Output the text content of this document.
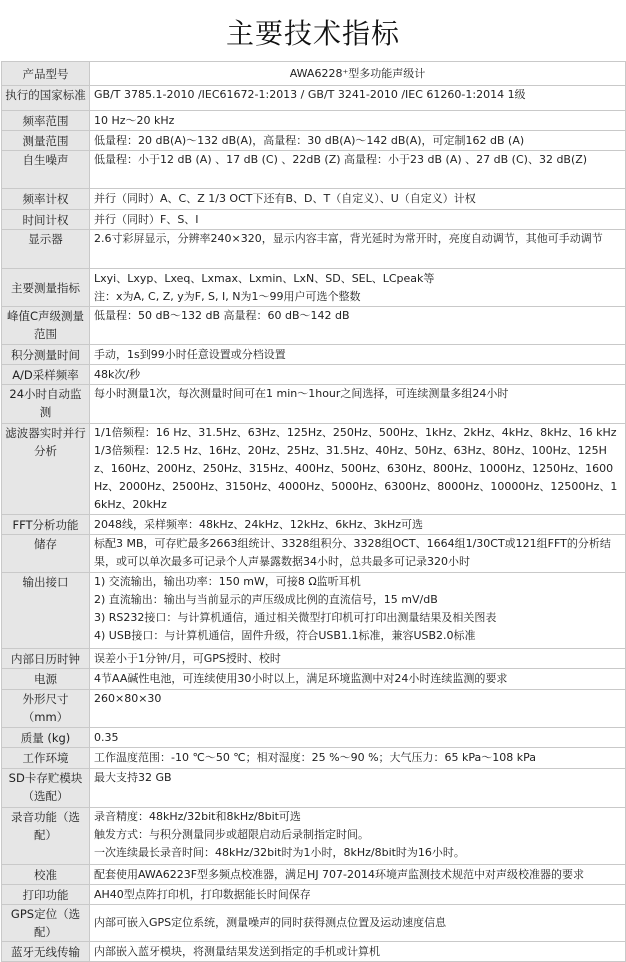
主要技术指标
产品型号	AWA6228⁺型多功能声级计

执行的国家标准	GB/T 3785.1-2010 /IEC61672-1:2013 / GB/T 3241-2010 /IEC 61260-1:2014 1级

频率范围	10 Hz～20 kHz

测量范围	低量程：20 dB(A)～132 dB(A)，高量程：30 dB(A)～142 dB(A)，可定制162 dB (A)

自生噪声	低量程：小于12 dB (A) 、17 dB (C) 、22dB (Z) 高量程：小于23 dB (A) 、27 dB (C)、32 dB(Z)

频率计权	并行（同时）A、C、Z 1/3 OCT下还有B、D、T（自定义）、U（自定义）计权

时间计权	并行（同时）F、S、I

显示器	2.6寸彩屏显示，分辨率240×320，显示内容丰富，背光延时为常开时，亮度自动调节，其他可手动调节

主要测量指标	Lxyi、Lxyp、Lxeq、Lxmax、Lxmin、LxN、SD、SEL、LCpeak等
注：x为A, C, Z, y为F, S, I, N为1～99用户可选个整数

峰值C声级测量范围	低量程：50 dB～132 dB 高量程：60 dB～142 dB

积分测量时间	手动，1s到99小时任意设置或分档设置

A/D采样频率	48k次/秒

24小时自动监测	每小时测量1次，每次测量时间可在1 min～1hour之间选择，可连续测量多组24小时

滤波器实时并行分析	1/1倍频程：16 Hz、31.5Hz、63Hz、125Hz、250Hz、500Hz、1kHz、2kHz、4kHz、8kHz、16 kHz
1/3倍频程：12.5 Hz、16Hz、20Hz、25Hz、31.5Hz、40Hz、50Hz、63Hz、80Hz、100Hz、125Hz、160Hz、200Hz、250Hz、315Hz、400Hz、500Hz、630Hz、800Hz、1000Hz、1250Hz、1600Hz、2000Hz、2500Hz、3150Hz、4000Hz、5000Hz、6300Hz、8000Hz、10000Hz、12500Hz、16kHz、20kHz

FFT分析功能	2048线，采样频率：48kHz、24kHz、12kHz、6kHz、3kHz可选

储存	标配3 MB，可存贮最多2663组统计、3328组积分、3328组OCT、1664组1/30CT或121组FFT的分析结果，或可以单次最多可记录个人声暴露数据34小时，总共最多可记录320小时

输出接口	1) 交流输出，输出功率：150 mW，可接8 Ω监听耳机
2) 直流输出：输出与当前显示的声压级成比例的直流信号，15 mV/dB
3) RS232接口：与计算机通信，通过相关微型打印机可打印出测量结果及相关图表
4) USB接口：与计算机通信，固件升级，符合USB1.1标准，兼容USB2.0标准

内部日历时钟	误差小于1分钟/月，可GPS授时、校时

电源	4节AA碱性电池，可连续使用30小时以上，满足环境监测中对24小时连续监测的要求

外形尺寸（mm）	260×80×30

质量 (kg)	0.35

工作环境	工作温度范围：-10 ℃～50 ℃；相对湿度：25 %～90 %；大气压力：65 kPa～108 kPa

SD卡存贮模块（选配）	最大支持32 GB

录音功能（选配）	录音精度：48kHz/32bit和8kHz/8bit可选
触发方式：与积分测量同步或超限启动后录制指定时间。
一次连续最长录音时间：48kHz/32bit时为1小时，8kHz/8bit时为16小时。

校准	配套使用AWA6223F型多频点校准器，满足HJ 707-2014环境声监测技术规范中对声级校准器的要求

打印功能	AH40型点阵打印机，打印数据能长时间保存

GPS定位（选配）	内部可嵌入GPS定位系统，测量噪声的同时获得测点位置及运动速度信息

蓝牙无线传输	内部嵌入蓝牙模块，将测量结果发送到指定的手机或计算机
